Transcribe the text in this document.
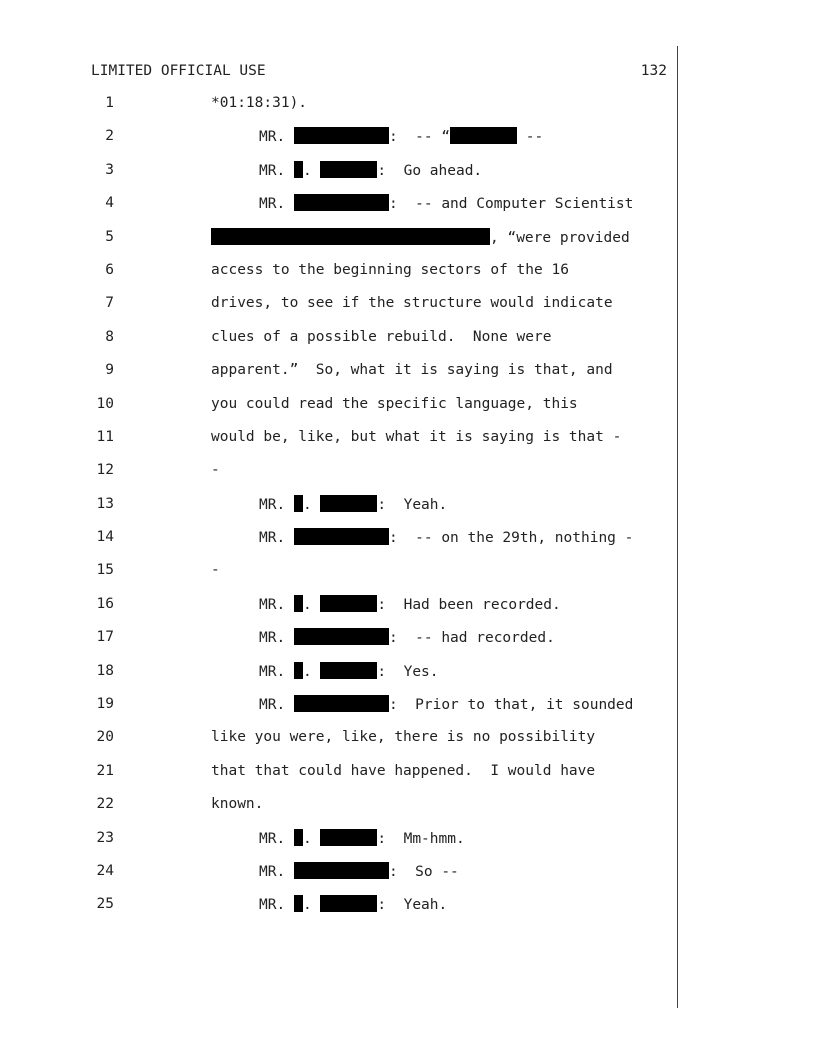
LIMITED OFFICIAL USE	132
1	*01:18:31).
2	MR.	:  -- “	--
3	MR. .	:  Go ahead.
4	MR.	:  -- and Computer Scientist
5	, “were provided
6	access to the beginning sectors of the 16
7	drives, to see if the structure would indicate
8	clues of a possible rebuild.  None were
9	apparent.”  So, what it is saying is that, and
10	you could read the specific language, this
11	would be, like, but what it is saying is that -
12	-
13	MR. .	:  Yeah.
14	MR.	:  -- on the 29th, nothing -
15	-
16	MR. .	:  Had been recorded.
17	MR.	:  -- had recorded.
18	MR. .	:  Yes.
19	MR.	:  Prior to that, it sounded
20	like you were, like, there is no possibility
21	that that could have happened.  I would have
22	known.
23	MR. .	:  Mm-hmm.
24	MR.	:  So --
25	MR. .	:  Yeah.
